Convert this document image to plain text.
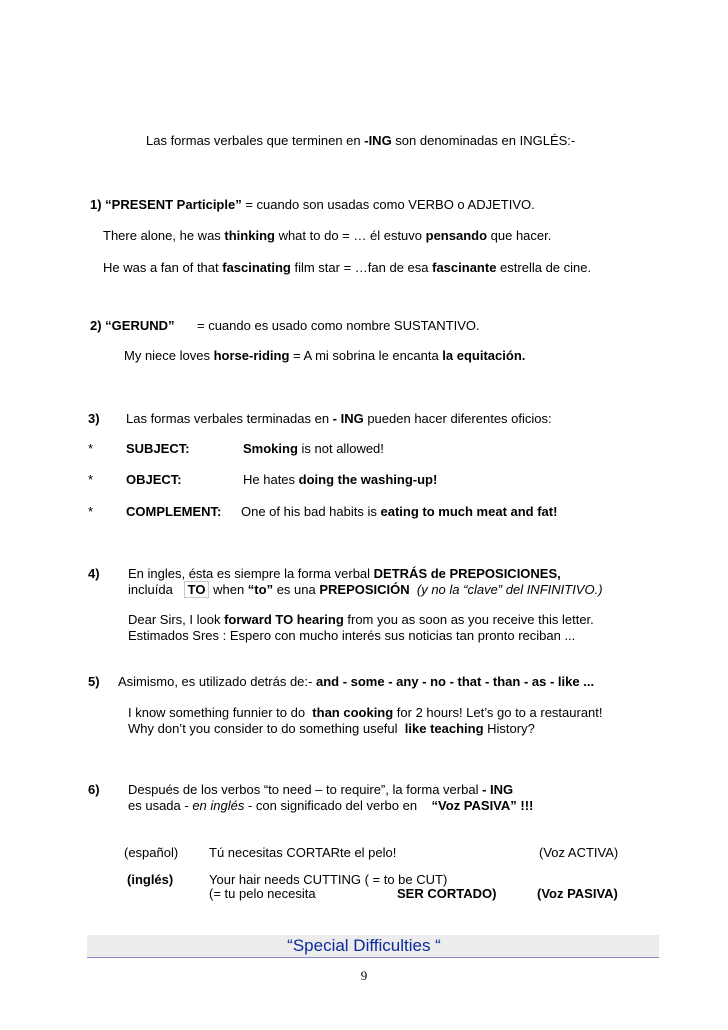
Las formas verbales que terminen en -ING son denominadas en INGLÉS:-
1) “PRESENT Participle” = cuando son usadas como VERBO o ADJETIVO.
There alone, he was thinking what to do = … él estuvo pensando que hacer.
He was a fan of that fascinating film star = …fan de esa fascinante estrella de cine.
2) “GERUND” = cuando es usado como nombre SUSTANTIVO.
My niece loves horse-riding = A mi sobrina le encanta la equitación.
3) Las formas verbales terminadas en - ING pueden hacer diferentes oficios:
*	SUBJECT:	Smoking is not allowed!
*	OBJECT:	He hates doing the washing-up!
*	COMPLEMENT: One of his bad habits is eating to much meat and fat!
4) En ingles, ésta es siempre la forma verbal DETRÁS de PREPOSICIONES,
incluída TO when “to” es una PREPOSICIÓN (y no la “clave” del INFINITIVO.)
Dear Sirs, I look forward TO hearing from you as soon as you receive this letter.
Estimados Sres : Espero con mucho interés sus noticias tan pronto reciban ...
5) Asimismo, es utilizado detrás de:- and - some - any - no - that - than - as - like ...
I know something funnier to do  than cooking for 2 hours! Let’s go to a restaurant!
Why don’t you consider to do something useful  like teaching History?
6) Después de los verbos “to need – to require”, la forma verbal - ING
es usada - en inglés - con significado del verbo en    “Voz PASIVA” !!!
(español) Tú necesitas CORTARte el pelo!	(Voz ACTIVA)
(inglés)	Your hair needs CUTTING ( = to be CUT)
(= tu pelo necesita	SER CORTADO)	(Voz PASIVA)
“Special Difficulties “
9
